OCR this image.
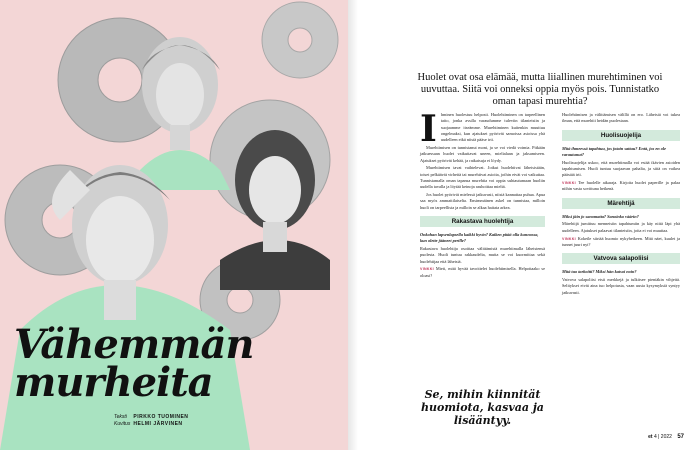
Vähemmän murheita
Teksti PIRKKO TUOMINEN
Kuvitus HELMI JÄRVINEN

Huolet ovat osa elämää, mutta liiallinen murehtiminen voi uuvuttaa. Siitä voi onneksi oppia myös pois. Tunnistatko oman tapasi murehtia?

Ihminen huolestuu helposti. Huolehtiminen on tarpeellinen taito, jonka avulla varaudumme tuleviin tilanteisiin ja suojaamme itseämme. Murehtiminen kuitenkin muuttuu ongelmaksi, kun ajatukset pyörivät samoissa asioissa yhä uudelleen eikä niistä pääse irti.

Murehtimisen on tunnistanut moni, ja se voi viedä voimia. Pitkään jatkuessaan huolet vaikuttavat uneen, mielialaan ja jaksamiseen. Ajatukset pyörivät kehää, ja ratkaisuja ei löydy.

Murehtimisen tavat vaihtelevat. Jotkut huolehtivat läheisistään, toiset pelkäävät virheitä tai murehtivat asioita, joihin eivät voi vaikuttaa. Tunnistamalla oman tapansa murehtia voi oppia suhtautumaan huoliin uudella tavalla ja löytää keinoja rauhoittaa mieltä.

Jos huolet pyörivät mielessä jatkuvasti, niistä kannattaa puhua. Apua saa myös ammattilaiselta. Ensimmäinen askel on tunnistaa, milloin huoli on tarpeellista ja milloin se alkaa haitata arkea.

Rakastava huolehtija

Onkohan lapsenlapsella kaikki hyvin? Kaiken pitää olla kunnossa, kun olette jääneet perille?

Rakastava huolehtija osoittaa välittämistä murehtimalla läheistensä puolesta. Huoli tuntuu rakkaudelta, mutta se voi kuormittaa sekä huolehtijaa että läheisiä.

VINKKI Mieti, mitä hyvää tavoittelet huolehtimisella. Helpottaako se oloasi?

Se, mihin kiinnität huomiota, kasvaa ja lisääntyy.

Huolehtimisen ja välittämisen välillä on ero. Läheisiä voi tukea ilman, että murehtii heidän puolestaan.

Huolisuojelija

Mitä ihmeessä tapahtuu, jos jotain sattuu? Entä, jos en ole varautunut?

Huolisuojelija uskoo, että murehtimalla voi estää ikävien asioiden tapahtumisen. Huoli tuntuu suojaavan pahalta, ja siitä on vaikea päästää irti.

VINKKI Tee huolelle aikaraja. Kirjoita huolet paperille ja palaa niihin vasta sovittuna hetkenä.

Märehtijä

Miksi jäin jo sanomatta? Sanoinko väärin?

Märehtijä jumittuu menneisiin tapahtumiin ja käy niitä läpi yhä uudelleen. Ajatukset palaavat tilanteisiin, joita ei voi muuttaa.

VINKKI Kokeile siirtää huomio nykyhetkeen. Mitä näet, kuulet ja tunnet juuri nyt?

Vatvova salapoliisi

Mitä tuo tarkoitti? Miksi hän katsoi noin?

Vatvova salapoliisi etsii merkkejä ja tulkitsee pieniäkin vihjeitä. Selitykset eivät aina tuo helpotusta, vaan uusia kysymyksiä syntyy jatkuvasti.

et 4 | 2022 57
